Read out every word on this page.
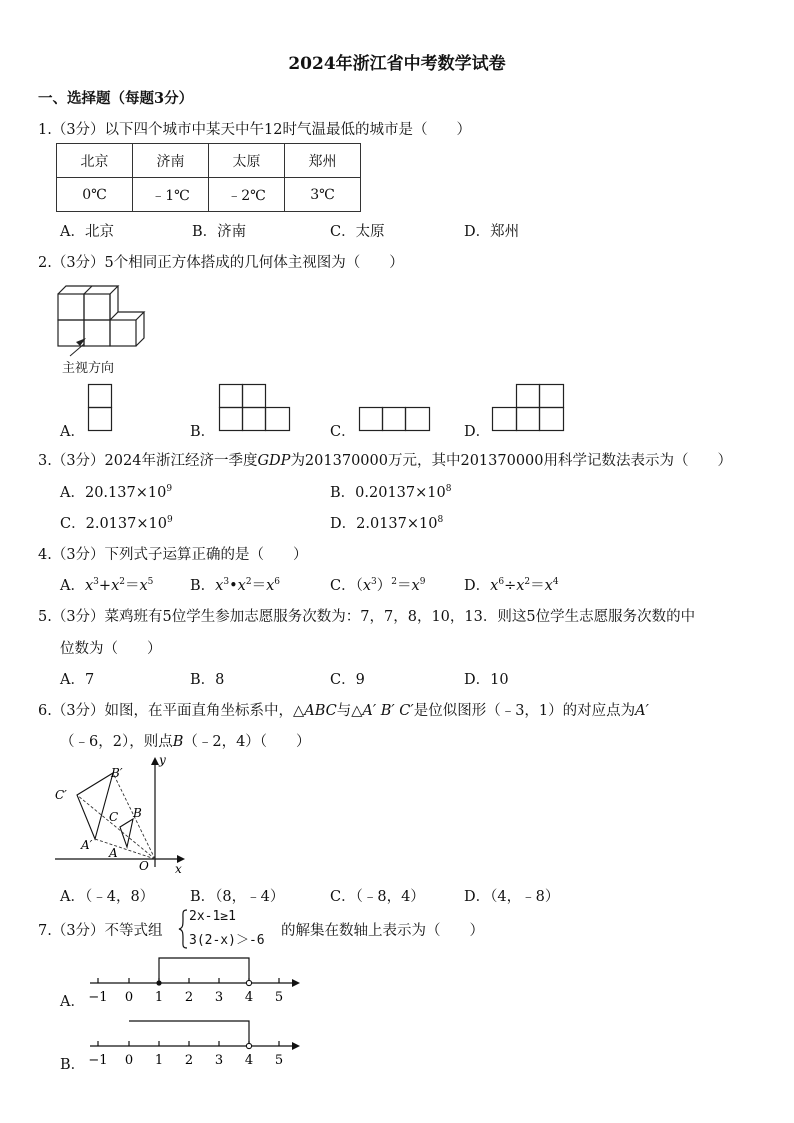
2024年浙江省中考数学试卷
一、选择题（每题3分）
1.（3分）以下四个城市中某天中午12时气温最低的城市是（　　）
北京	济南	太原	郑州
0℃	﹣1℃	﹣2℃	3℃
A．北京	B．济南	C．太原	D．郑州
2.（3分）5个相同正方体搭成的几何体主视图为（　　）
主视方向
A．	B．	C．	D．
3.（3分）2024年浙江经济一季度GDP为201370000万元，其中201370000用科学记数法表示为（　　）
A．$20.137\times 10^9$	B．$0.20137\times 10^8$
C．$2.0137\times 10^9$	D．$2.0137\times 10^8$
4.（3分）下列式子运算正确的是（　　）
A．$x^3+x^2=x^5$	B．$x^3•x^2=x^6$	C．$(x^3)^2=x^9$	D．$x^6\div x^2=x^4$
5.（3分）菜鸡班有5位学生参加志愿服务次数为：7，7，8，10，13．则这5位学生志愿服务次数的中
位数为（　　）
A．7	B．8	C．9	D．10
6.（3分）如图，在平面直角坐标系中，△ABC与△A′ B′ C′是位似图形（﹣3，1）的对应点为A′
（﹣6，2），则点B（﹣2，4）（　　）
y
x
O
A
B
C
A′
B′
C′
A．（﹣4，8） B．（8，﹣4）	C．（﹣8，4）	D．（4，﹣8）
7.（3分）不等式组
2x-1≥1
3(2-x)＞-6
的解集在数轴上表示为（　　）
A． −1 0 1 2 3 4 5
B． −1 0 1 2 3 4 5
